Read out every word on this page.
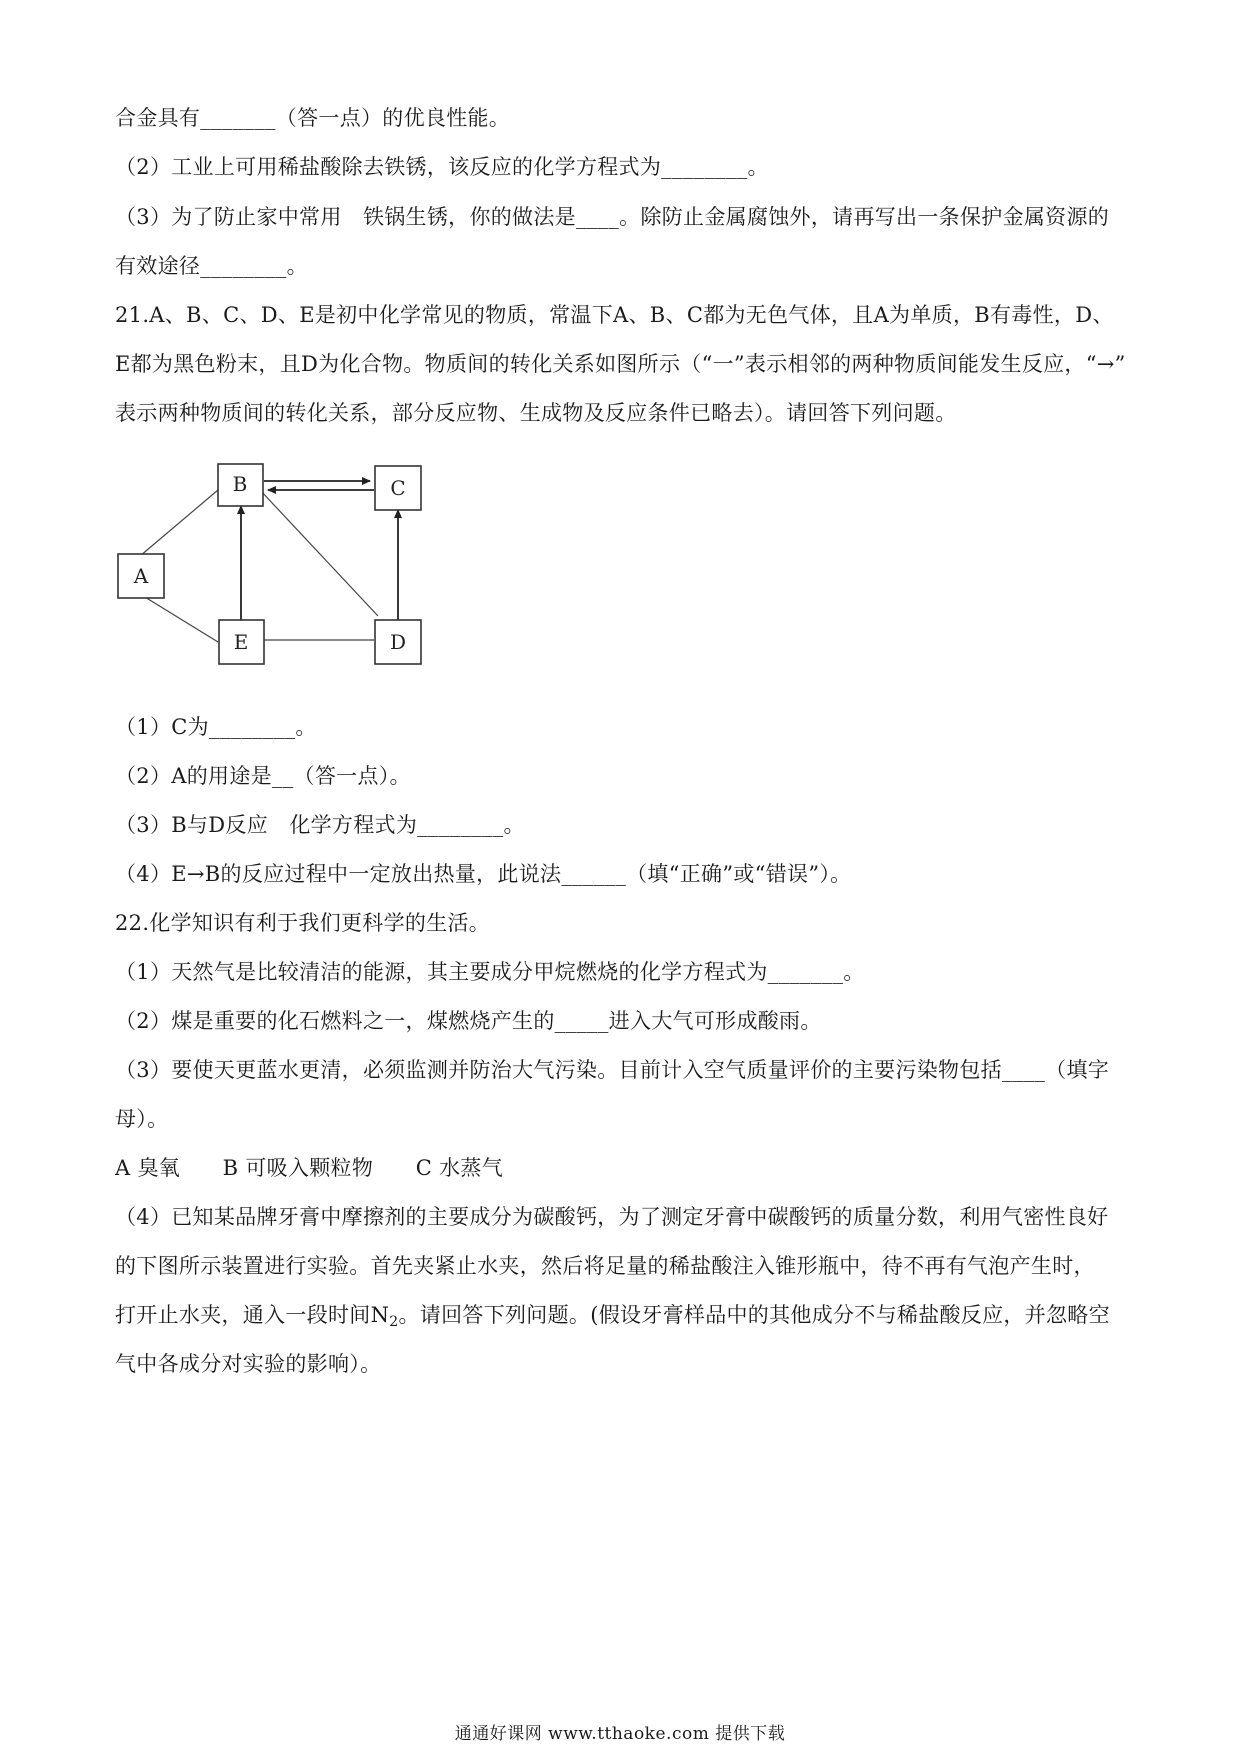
合金具有_______（答一点）的优良性能。
（2）工业上可用稀盐酸除去铁锈，该反应的化学方程式为________。
（3）为了防止家中常用　铁锅生锈，你的做法是____。除防止金属腐蚀外，请再写出一条保护金属资源的
有效途径________。
21.A、B、C、D、E是初中化学常见的物质，常温下A、B、C都为无色气体，且A为单质，B有毒性，D、
E都为黑色粉末，且D为化合物。物质间的转化关系如图所示（“一”表示相邻的两种物质间能发生反应，“→”
表示两种物质间的转化关系，部分反应物、生成物及反应条件已略去）。请回答下列问题。
B	C
A
E	D
（1）C为________。
（2）A的用途是__（答一点）。
（3）B与D反应　化学方程式为________。
（4）E→B的反应过程中一定放出热量，此说法______（填“正确”或“错误”）。
22.化学知识有利于我们更科学的生活。
（1）天然气是比较清洁的能源，其主要成分甲烷燃烧的化学方程式为_______。
（2）煤是重要的化石燃料之一，煤燃烧产生的_____进入大气可形成酸雨。
（3）要使天更蓝水更清，必须监测并防治大气污染。目前计入空气质量评价的主要污染物包括____（填字
母）。
A 臭氧　　B 可吸入颗粒物　　C 水蒸气
（4）已知某品牌牙膏中摩擦剂的主要成分为碳酸钙，为了测定牙膏中碳酸钙的质量分数，利用气密性良好
的下图所示装置进行实验。首先夹紧止水夹，然后将足量的稀盐酸注入锥形瓶中，待不再有气泡产生时，
打开止水夹，通入一段时间$N_2$。请回答下列问题。(假设牙膏样品中的其他成分不与稀盐酸反应，并忽略空
气中各成分对实验的影响）。
通通好课网 www.tthaoke.com 提供下载
